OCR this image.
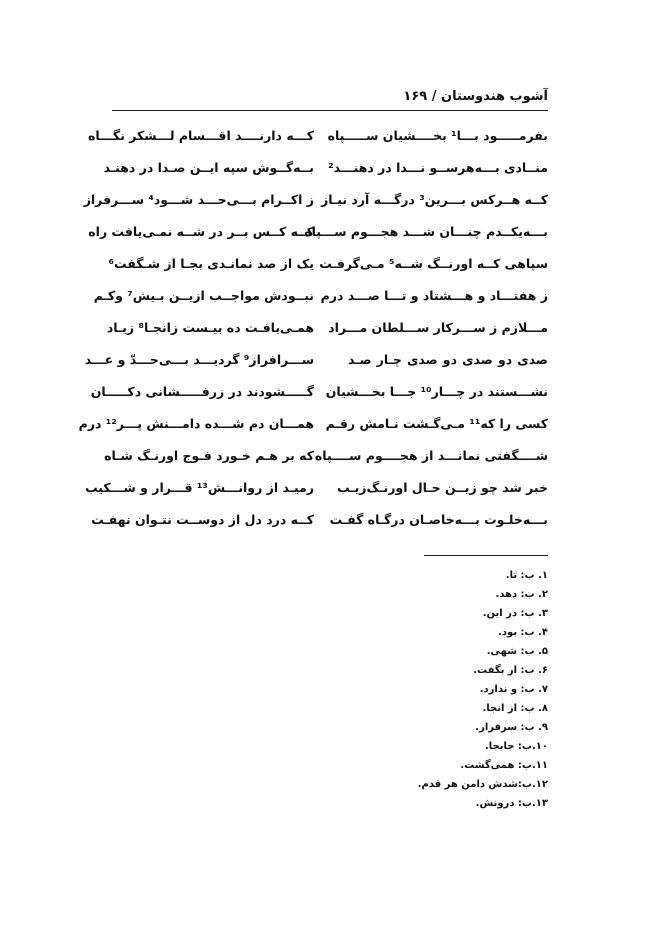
آشوب هندوستان / ۱۶۹
بفرمـــــود بـــا¹ بخــــشیان ســـــپاه
کـــه دارنــــد اقـــسام لـــشکر نگـــاه
منــادی بـــه‌هرســو نـــدا در دهنـــد²
بــه‌گــوش سپه ایــن صـدا در دهنـد
کــه هــرکس بـــرین³ درگـــه آرد نیـاز
ز اکــرام بـــی‌حـــد شـــود⁴ ســـرفراز
بـــه‌یکــدم چنـــان شـــد هجـــوم ســـپاه
کــه کــس بــر در شــه نمـی‌یافت راه
سپاهی کــه اورنــگ شــه⁵ مـی‌گرفـت
یک از صد نمانـدی بجـا از شـگفت⁶
ز هفتـــاد و هـــشتاد و تـــا صـــد درم
نبــودش مواجــب ازیــن بـیش⁷ وکـم
مـــلازم ز ســـرکار ســـلطان مـــراد
همـی‌یافـت ده بیـست زانجـا⁸ زیـاد
صدی دو صدی دو صدی چـار صـد
ســـرافراز⁹ گردیـــد بـــی‌حـــدّ و عـــد
نشـــستند در چـــار¹⁰ جـــا بخـــشیان
گـــــشودند در زرفـــــشانی دکـــــان
کسی را که¹¹ مـی‌گـشت نـامش رقـم
همـــان دم شـــده دامـــنش پـــر¹² درم
شــــگفتی نمانـــد از هجــــوم ســــپاه
که بر هـم خـورد فـوج اورنـگ شـاه
خبر شد چو زیــن حـال اورنـگ‌زیـب
رمیـد از روانـــش¹³ قـــرار و شـــکیب
بـــه‌خلـوت بـــه‌خاصـان درگـاه گفـت
کــه درد دل از دوســت نتـوان نهفـت
۱. ب: تا.
۲. ب: دهد.
۳. ب: در این.
۴. ب: بود.
۵. ب: شهی.
۶. ب: ار بگفت.
۷. ب: و ندارد.
۸. ب: از انجا.
۹. ب: سرفراز.
۱۰.ب: جابجا.
۱۱.ب: همی‌گشت.
۱۲.ب:شدش دامن هر قدم.
۱۳.ب: درونش.
